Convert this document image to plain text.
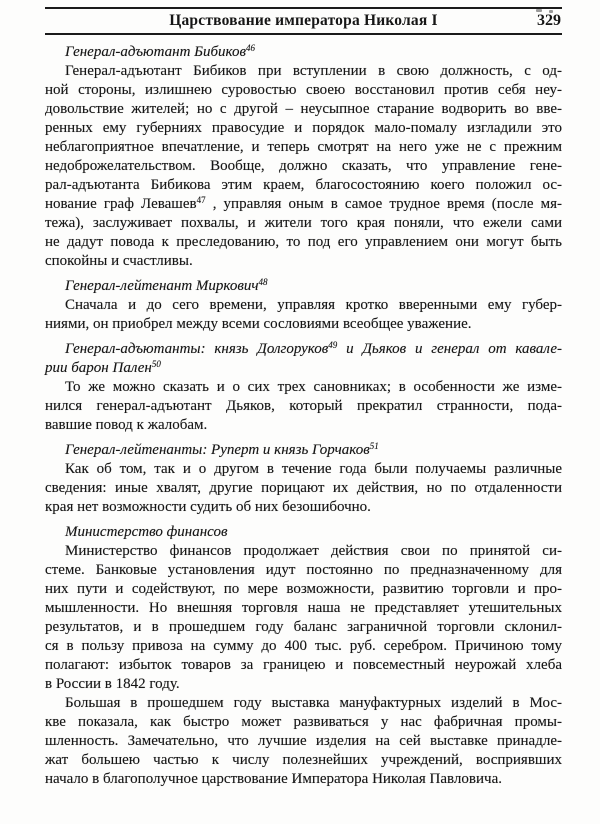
Царствование императора Николая I	329
Генерал-адъютант Бибиков$^{46}$
Генерал-адъютант Бибиков при вступлении в свою должность, с од-
ной стороны, излишнею суровостью своею восстановил против себя неу-
довольствие жителей; но с другой – неусыпное старание водворить во вве-
ренных ему губерниях правосудие и порядок мало-помалу изгладили это
неблагоприятное впечатление, и теперь смотрят на него уже не с прежним
недоброжелательством. Вообще, должно сказать, что управление гене-
рал-адъютанта Бибикова этим краем, благосостоянию коего положил ос-
нование граф Левашев$^{47}$ , управляя оным в самое трудное время (после мя-
тежа), заслуживает похвалы, и жители того края поняли, что ежели сами
не дадут повода к преследованию, то под его управлением они могут быть
спокойны и счастливы.
Генерал-лейтенант Миркович$^{48}$
Сначала и до сего времени, управляя кротко вверенными ему губер-
ниями, он приобрел между всеми сословиями всеобщее уважение.
Генерал-адъютанты: князь Долгоруков$^{49}$ и Дьяков и генерал от кавале-
рии барон Пален$^{50}$
То же можно сказать и о сих трех сановниках; в особенности же изме-
нился генерал-адъютант Дьяков, который прекратил странности, пода-
вавшие повод к жалобам.
Генерал-лейтенанты: Руперт и князь Горчаков$^{51}$
Как об том, так и о другом в течение года были получаемы различные
сведения: иные хвалят, другие порицают их действия, но по отдаленности
края нет возможности судить об них безошибочно.
Министерство финансов
Министерство финансов продолжает действия свои по принятой си-
стеме. Банковые установления идут постоянно по предназначенному для
них пути и содействуют, по мере возможности, развитию торговли и про-
мышленности. Но внешняя торговля наша не представляет утешительных
результатов, и в прошедшем году баланс заграничной торговли склонил-
ся в пользу привоза на сумму до 400 тыс. руб. серебром. Причиною тому
полагают: избыток товаров за границею и повсеместный неурожай хлеба
в России в 1842 году.
Большая в прошедшем году выставка мануфактурных изделий в Мос-
кве показала, как быстро может развиваться у нас фабричная промы-
шленность. Замечательно, что лучшие изделия на сей выставке принадле-
жат большею частью к числу полезнейших учреждений, восприявших
начало в благополучное царствование Императора Николая Павловича.
